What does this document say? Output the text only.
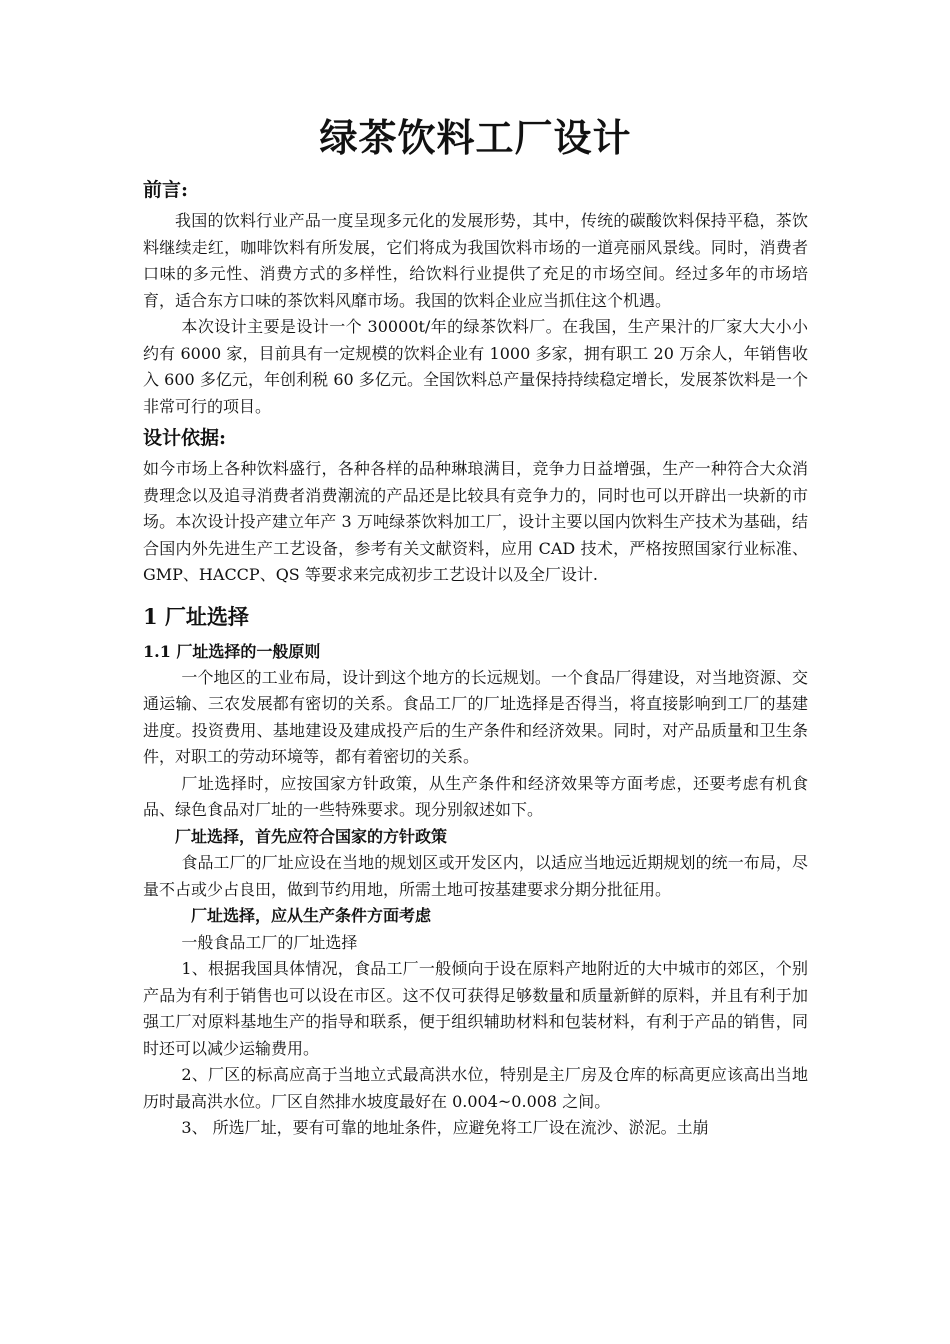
绿茶饮料工厂设计
前言:

我国的饮料行业产品一度呈现多元化的发展形势，其中，传统的碳酸饮料保持平稳，茶饮料继续走红，咖啡饮料有所发展，它们将成为我国饮料市场的一道亮丽风景线。同时，消费者口味的多元性、消费方式的多样性，给饮料行业提供了充足的市场空间。经过多年的市场培育，适合东方口味的茶饮料风靡市场。我国的饮料企业应当抓住这个机遇。

本次设计主要是设计一个 30000t/年的绿茶饮料厂。在我国，生产果汁的厂家大大小小约有 6000 家，目前具有一定规模的饮料企业有 1000 多家，拥有职工 20 万余人，年销售收入 600 多亿元，年创利税 60 多亿元。全国饮料总产量保持持续稳定增长，发展茶饮料是一个非常可行的项目。

设计依据:

如今市场上各种饮料盛行，各种各样的品种琳琅满目，竞争力日益增强，生产一种符合大众消费理念以及追寻消费者消费潮流的产品还是比较具有竞争力的，同时也可以开辟出一块新的市场。本次设计投产建立年产 3 万吨绿茶饮料加工厂，设计主要以国内饮料生产技术为基础，结合国内外先进生产工艺设备，参考有关文献资料，应用 CAD 技术，严格按照国家行业标准、GMP、HACCP、QS 等要求来完成初步工艺设计以及全厂设计.

1 厂址选择
1.1 厂址选择的一般原则

一个地区的工业布局，设计到这个地方的长远规划。一个食品厂得建设，对当地资源、交通运输、三农发展都有密切的关系。食品工厂的厂址选择是否得当，将直接影响到工厂的基建进度。投资费用、基地建设及建成投产后的生产条件和经济效果。同时，对产品质量和卫生条件，对职工的劳动环境等，都有着密切的关系。

厂址选择时，应按国家方针政策，从生产条件和经济效果等方面考虑，还要考虑有机食品、绿色食品对厂址的一些特殊要求。现分别叙述如下。

厂址选择，首先应符合国家的方针政策

食品工厂的厂址应设在当地的规划区或开发区内，以适应当地远近期规划的统一布局，尽量不占或少占良田，做到节约用地，所需土地可按基建要求分期分批征用。

厂址选择，应从生产条件方面考虑

一般食品工厂的厂址选择

1、根据我国具体情况，食品工厂一般倾向于设在原料产地附近的大中城市的郊区，个别产品为有利于销售也可以设在市区。这不仅可获得足够数量和质量新鲜的原料，并且有利于加强工厂对原料基地生产的指导和联系，便于组织辅助材料和包装材料，有利于产品的销售，同时还可以减少运输费用。

2、厂区的标高应高于当地立式最高洪水位，特别是主厂房及仓库的标高更应该高出当地历时最高洪水位。厂区自然排水坡度最好在 0.004~0.008 之间。

3、 所选厂址，要有可靠的地址条件，应避免将工厂设在流沙、淤泥。土崩
